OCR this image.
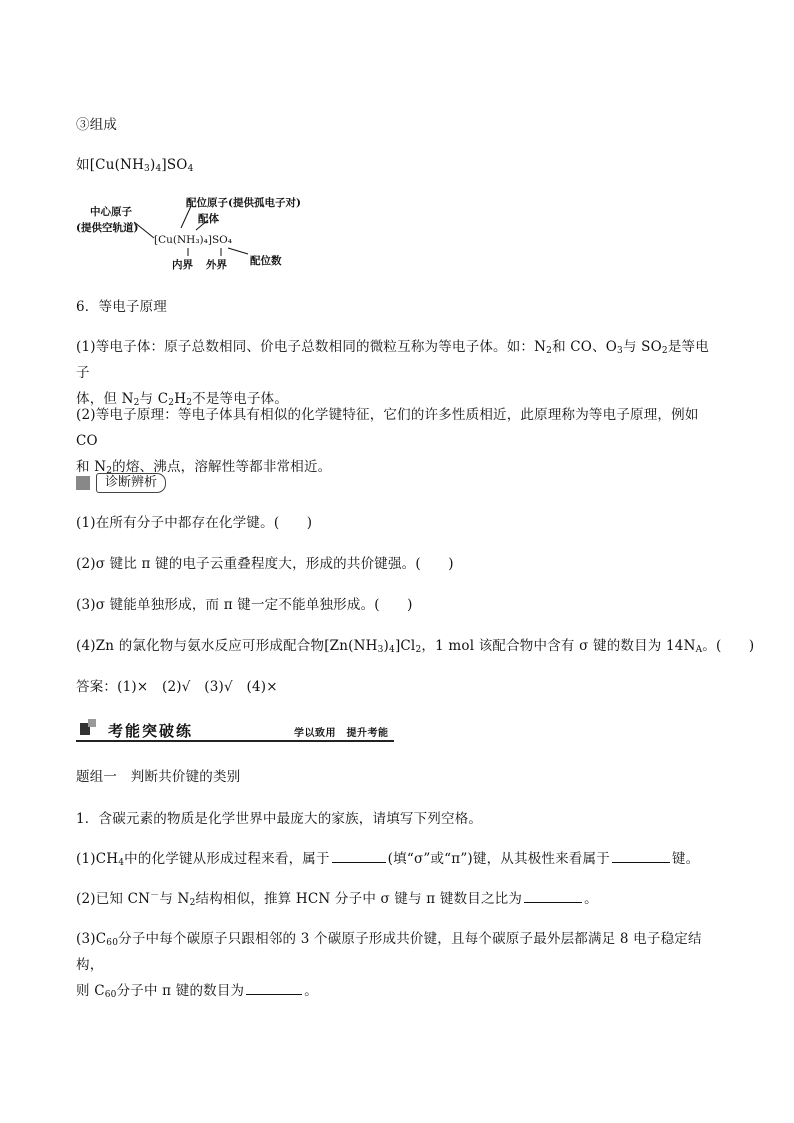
③组成
如$[Cu(NH_3)_4]SO_4$
中心原子
(提供空轨道)
配位原子(提供孤电子对)
配体
[Cu(NH₃)₄]SO₄
内界 外界 配位数
6．等电子原理
(1)等电子体：原子总数相同、价电子总数相同的微粒互称为等电子体。如：$N_2$和 CO、$O_3$与 $SO_2$是等电子
体，但 $N_2$与 $C_2H_2$不是等电子体。
(2)等电子原理：等电子体具有相似的化学键特征，它们的许多性质相近，此原理称为等电子原理，例如 CO
和 $N_2$的熔、沸点，溶解性等都非常相近。
诊断辨析
(1)在所有分子中都存在化学键。(　　)
(2)σ 键比 π 键的电子云重叠程度大，形成的共价键强。(　　)
(3)σ 键能单独形成，而 π 键一定不能单独形成。(　　)
(4)Zn 的氯化物与氨水反应可形成配合物$[Zn(NH_3)_4]Cl_2$，1 mol 该配合物中含有 σ 键的数目为 $14N_A$。(　　)
答案：(1)×　(2)√　(3)√　(4)×
考能突破练	学以致用　提升考能
题组一　判断共价键的类别
1．含碳元素的物质是化学世界中最庞大的家族，请填写下列空格。
$(1)CH_4$中的化学键从形成过程来看，属于	(填“σ”或“π”)键，从其极性来看属于	键。
(2)已知 CN－与 $N_2$结构相似，推算 HCN 分子中 σ 键与 π 键数目之比为	。
$(3)C_{60}$分子中每个碳原子只跟相邻的 3 个碳原子形成共价键，且每个碳原子最外层都满足 8 电子稳定结构，
则 $C_{60}$分子中 π 键的数目为	。
